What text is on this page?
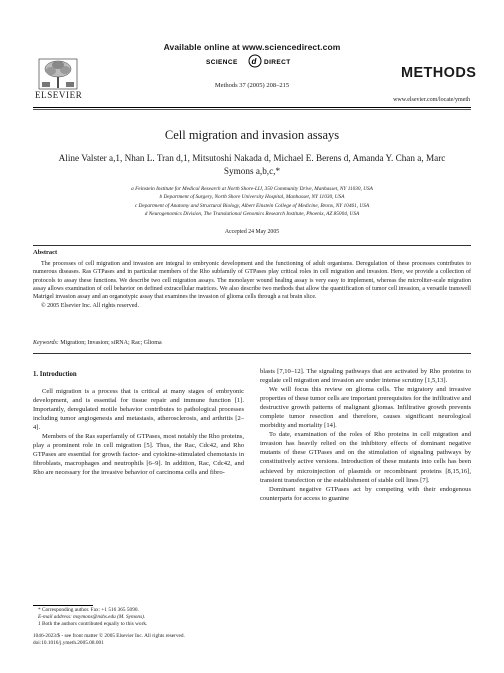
Available online at www.sciencedirect.com
SCIENCE d DIRECT
ELSEVIER
Methods 37 (2005) 208–215
METHODS
www.elsevier.com/locate/ymeth
Cell migration and invasion assays
Aline Valster a,1, Nhan L. Tran d,1, Mitsutoshi Nakada d, Michael E. Berens d, Amanda Y. Chan a, Marc Symons a,b,c,*
a Feinstein Institute for Medical Research at North Shore-LIJ, 350 Community Drive, Manhasset, NY 11030, USA
b Department of Surgery, North Shore University Hospital, Manhasset, NY 11030, USA
c Department of Anatomy and Structural Biology, Albert Einstein College of Medicine, Bronx, NY 10461, USA
d Neurogenomics Division, The Translational Genomics Research Institute, Phoenix, AZ 85004, USA
Accepted 24 May 2005
Abstract
The processes of cell migration and invasion are integral to embryonic development and the functioning of adult organisms. Deregulation of these processes contributes to numerous diseases. Ras GTPases and in particular members of the Rho subfamily of GTPases play critical roles in cell migration and invasion. Here, we provide a collection of protocols to assay these functions. We describe two cell migration assays. The monolayer wound healing assay is very easy to implement, whereas the microliter-scale migration assay allows examination of cell behavior on defined extracellular matrices. We also describe two methods that allow the quantification of tumor cell invasion, a versatile transwell Matrigel invasion assay and an organotypic assay that examines the invasion of glioma cells through a rat brain slice.
© 2005 Elsevier Inc. All rights reserved.
Keywords: Migration; Invasion; siRNA; Rac; Glioma

1. Introduction

Cell migration is a process that is critical at many stages of embryonic development, and is essential for tissue repair and immune function [1]. Importantly, deregulated motile behavior contributes to pathological processes including tumor angiogenesis and metastasis, atherosclerosis, and arthritis [2–4].

Members of the Ras superfamily of GTPases, most notably the Rho proteins, play a prominent role in cell migration [5]. Thus, the Rac, Cdc42, and Rho GTPases are essential for growth factor- and cytokine-stimulated chemotaxis in fibroblasts, macrophages and neutrophils [6–9]. In addition, Rac, Cdc42, and Rho are necessary for the invasive behavior of carcinoma cells and fibro-

blasts [7,10–12]. The signaling pathways that are activated by Rho proteins to regulate cell migration and invasion are under intense scrutiny [1,5,13].

We will focus this review on glioma cells. The migratory and invasive properties of these tumor cells are important prerequisites for the infiltrative and destructive growth patterns of malignant gliomas. Infiltrative growth prevents complete tumor resection and therefore, causes significant neurological morbidity and mortality [14].

To date, examination of the roles of Rho proteins in cell migration and invasion has heavily relied on the inhibitory effects of dominant negative mutants of these GTPases and on the stimulation of signaling pathways by constitutively active versions. Introduction of these mutants into cells has been achieved by microinjection of plasmids or recombinant proteins [8,15,16], transient transfection or the establishment of stable cell lines [7].

Dominant negative GTPases act by competing with their endogenous counterparts for access to guanine

* Corresponding author. Fax: +1 516 365 5090.
E-mail address: msymons@nshs.edu (M. Symons).
1 Both the authors contributed equally to this work.
1046-2023/$ - see front matter © 2005 Elsevier Inc. All rights reserved.
doi:10.1016/j.ymeth.2005.08.001
